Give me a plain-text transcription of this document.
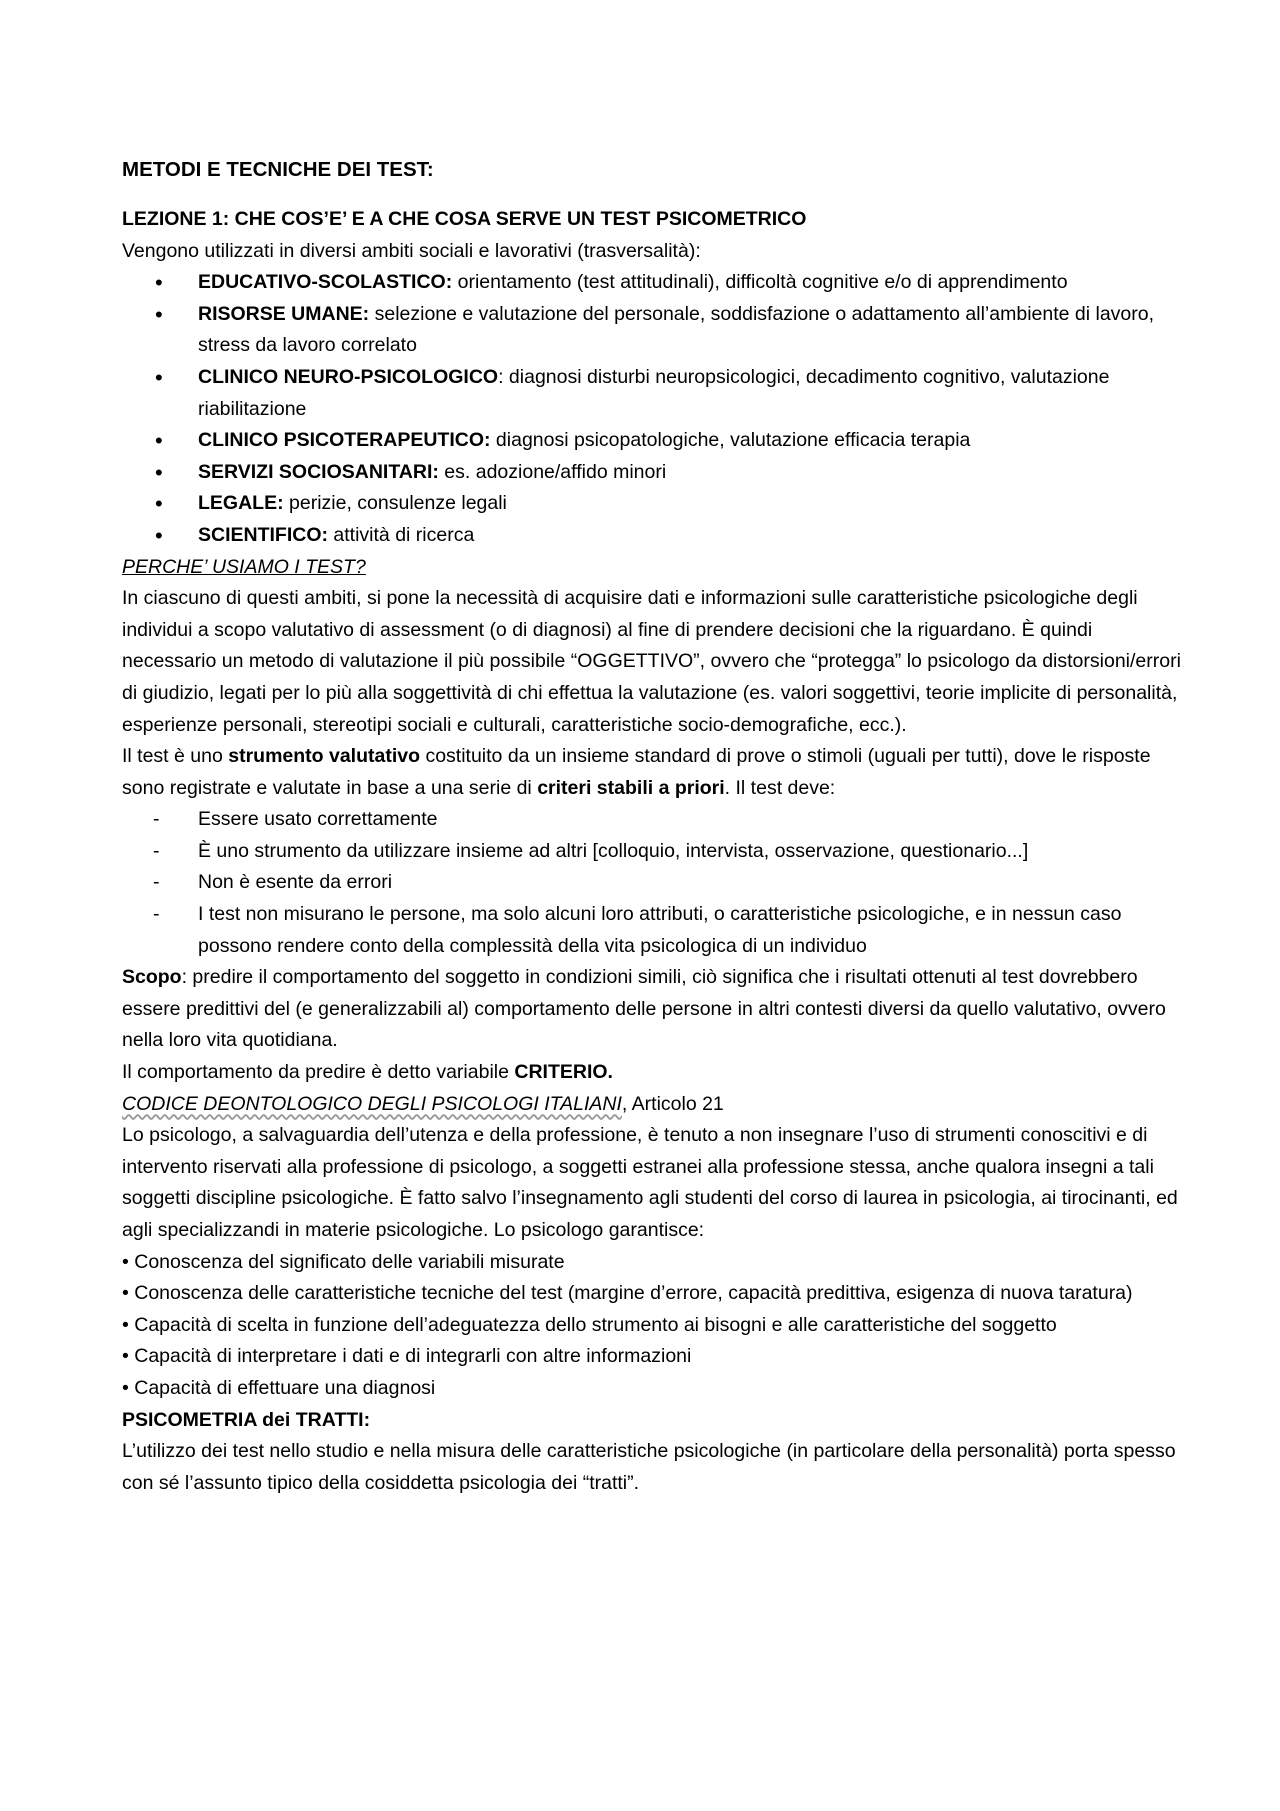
METODI E TECNICHE DEI TEST:
LEZIONE 1: CHE COS’E’ E A CHE COSA SERVE UN TEST PSICOMETRICO

Vengono utilizzati in diversi ambiti sociali e lavorativi (trasversalità):

• EDUCATIVO-SCOLASTICO: orientamento (test attitudinali), difficoltà cognitive e/o di apprendimento
• RISORSE UMANE: selezione e valutazione del personale, soddisfazione o adattamento all’ambiente di lavoro, stress da lavoro correlato
• CLINICO NEURO-PSICOLOGICO: diagnosi disturbi neuropsicologici, decadimento cognitivo, valutazione riabilitazione
• CLINICO PSICOTERAPEUTICO: diagnosi psicopatologiche, valutazione efficacia terapia
• SERVIZI SOCIOSANITARI: es. adozione/affido minori
• LEGALE: perizie, consulenze legali
• SCIENTIFICO: attività di ricerca

PERCHE’ USIAMO I TEST?

In ciascuno di questi ambiti, si pone la necessità di acquisire dati e informazioni sulle caratteristiche psicologiche degli individui a scopo valutativo di assessment (o di diagnosi) al fine di prendere decisioni che la riguardano. È quindi necessario un metodo di valutazione il più possibile “OGGETTIVO”, ovvero che “protegga” lo psicologo da distorsioni/errori di giudizio, legati per lo più alla soggettività di chi effettua la valutazione (es. valori soggettivi, teorie implicite di personalità, esperienze personali, stereotipi sociali e culturali, caratteristiche socio-demografiche, ecc.).

Il test è uno strumento valutativo costituito da un insieme standard di prove o stimoli (uguali per tutti), dove le risposte sono registrate e valutate in base a una serie di criteri stabili a priori. Il test deve:

- Essere usato correttamente
- È uno strumento da utilizzare insieme ad altri [colloquio, intervista, osservazione, questionario...]
- Non è esente da errori
- I test non misurano le persone, ma solo alcuni loro attributi, o caratteristiche psicologiche, e in nessun caso possono rendere conto della complessità della vita psicologica di un individuo

Scopo: predire il comportamento del soggetto in condizioni simili, ciò significa che i risultati ottenuti al test dovrebbero essere predittivi del (e generalizzabili al) comportamento delle persone in altri contesti diversi da quello valutativo, ovvero nella loro vita quotidiana.

Il comportamento da predire è detto variabile CRITERIO.

CODICE DEONTOLOGICO DEGLI PSICOLOGI ITALIANI, Articolo 21

Lo psicologo, a salvaguardia dell’utenza e della professione, è tenuto a non insegnare l’uso di strumenti conoscitivi e di intervento riservati alla professione di psicologo, a soggetti estranei alla professione stessa, anche qualora insegni a tali soggetti discipline psicologiche. È fatto salvo l’insegnamento agli studenti del corso di laurea in psicologia, ai tirocinanti, ed agli specializzandi in materie psicologiche. Lo psicologo garantisce:

• Conoscenza del significato delle variabili misurate

• Conoscenza delle caratteristiche tecniche del test (margine d’errore, capacità predittiva, esigenza di nuova taratura)

• Capacità di scelta in funzione dell’adeguatezza dello strumento ai bisogni e alle caratteristiche del soggetto

• Capacità di interpretare i dati e di integrarli con altre informazioni

• Capacità di effettuare una diagnosi

PSICOMETRIA dei TRATTI:

L’utilizzo dei test nello studio e nella misura delle caratteristiche psicologiche (in particolare della personalità) porta spesso con sé l’assunto tipico della cosiddetta psicologia dei “tratti”.
